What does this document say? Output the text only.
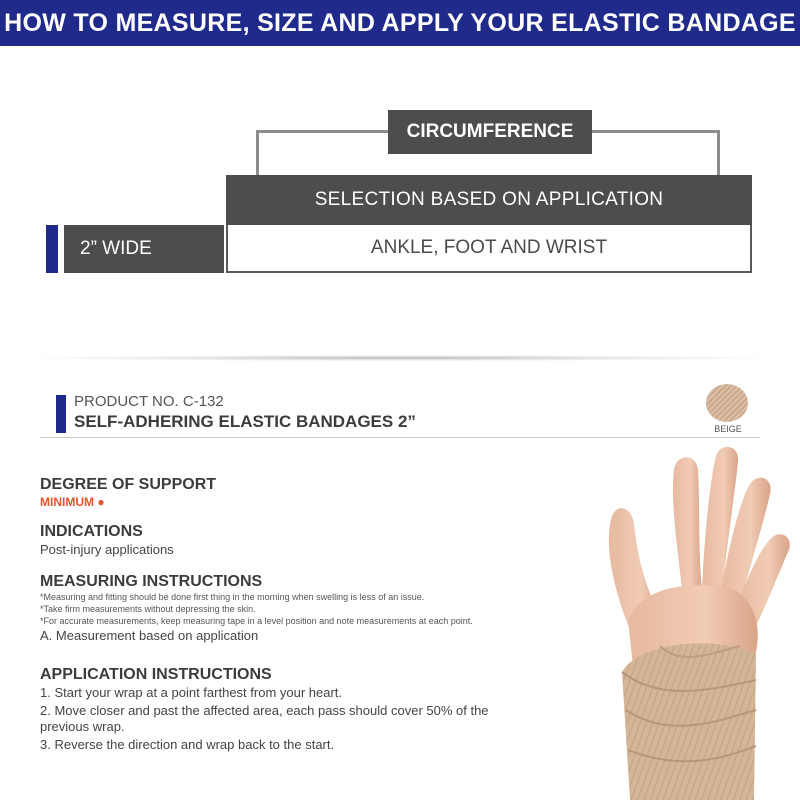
HOW TO MEASURE, SIZE AND APPLY YOUR ELASTIC BANDAGE
CIRCUMFERENCE
SELECTION BASED ON APPLICATION
2” WIDE	ANKLE, FOOT AND WRIST
PRODUCT NO. C-132
SELF-ADHERING ELASTIC BANDAGES 2”	BEIGE
DEGREE OF SUPPORT
MINIMUM ●
INDICATIONS
Post-injury applications
MEASURING INSTRUCTIONS
*Measuring and fitting should be done first thing in the morning when swelling is less of an issue.
*Take firm measurements without depressing the skin.
*For accurate measurements, keep measuring tape in a level position and note measurements at each point.
A. Measurement based on application
APPLICATION INSTRUCTIONS
1. Start your wrap at a point farthest from your heart.
2. Move closer and past the affected area, each pass should cover 50% of the
previous wrap.
3. Reverse the direction and wrap back to the start.
